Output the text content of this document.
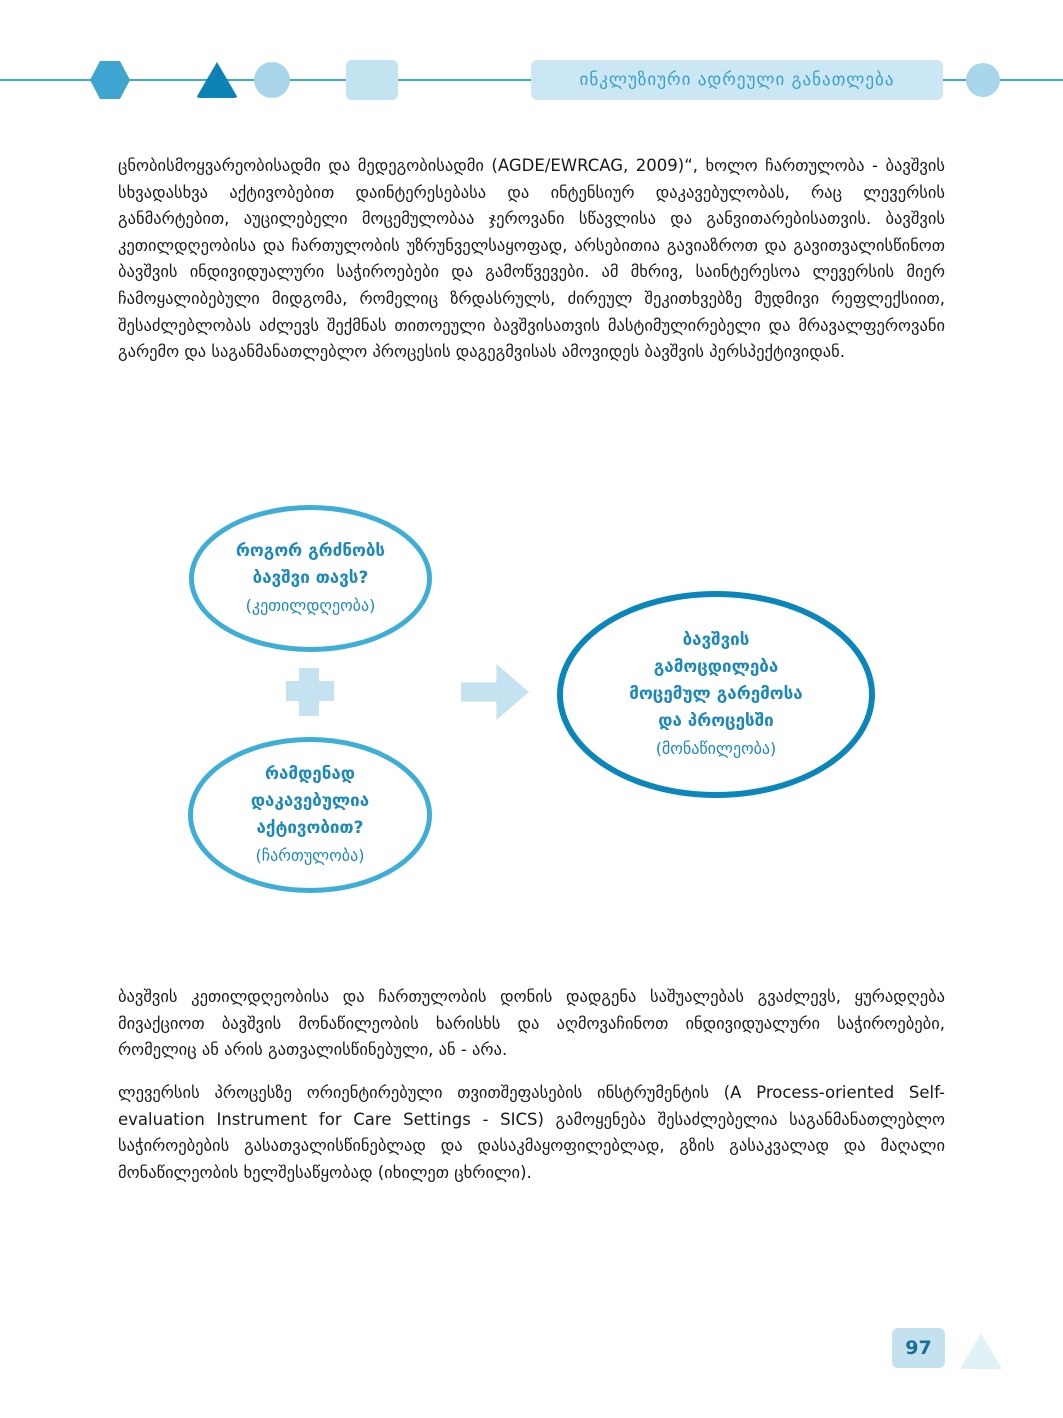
ინკლუზიური ადრეული განათლება

ცნობისმოყვარეობისადმი და მედეგობისადმი (AGDE/EWRCAG, 2009)“, ხოლო ჩართულობა - ბავშვის სხვადასხვა აქტივობებით დაინტერესებასა და ინტენსიურ დაკავებულობას, რაც ლევერსის განმარტებით, აუცილებელი მოცემულობაა ჯეროვანი სწავლისა და განვითარებისათვის. ბავშვის კეთილდღეობისა და ჩართულობის უზრუნველსაყოფად, არსებითია გავიაზროთ და გავითვალისწინოთ ბავშვის ინდივიდუალური საჭიროებები და გამოწვევები. ამ მხრივ, საინტერესოა ლევერსის მიერ ჩამოყალიბებული მიდგომა, რომელიც ზრდასრულს, ძირეულ შეკითხვებზე მუდმივი რეფლექსიით, შესაძლებლობას აძლევს შექმნას თითოეული ბავშვისათვის მასტიმულირებელი და მრავალფეროვანი გარემო და საგანმანათლებლო პროცესის დაგეგმვისას ამოვიდეს ბავშვის პერსპექტივიდან.

როგორ გრძნობს
ბავშვი თავს?
(კეთილდღეობა)
რამდენად
დაკავებულია
აქტივობით?
(ჩართულობა)
ბავშვის
გამოცდილება
მოცემულ გარემოსა
და პროცესში
(მონაწილეობა)

ბავშვის კეთილდღეობისა და ჩართულობის დონის დადგენა საშუალებას გვაძლევს, ყურადღება მივაქციოთ ბავშვის მონაწილეობის ხარისხს და აღმოვაჩინოთ ინდივიდუალური საჭიროებები, რომელიც ან არის გათვალისწინებული, ან - არა.

ლევერსის პროცესზე ორიენტირებული თვითშეფასების ინსტრუმენტის (A Process-oriented Self-evaluation Instrument for Care Settings - SICS) გამოყენება შესაძლებელია საგანმანათლებლო საჭიროებების გასათვალისწინებლად და დასაკმაყოფილებლად, გზის გასაკვალად და მაღალი მონაწილეობის ხელშესაწყობად (იხილეთ ცხრილი).

97
